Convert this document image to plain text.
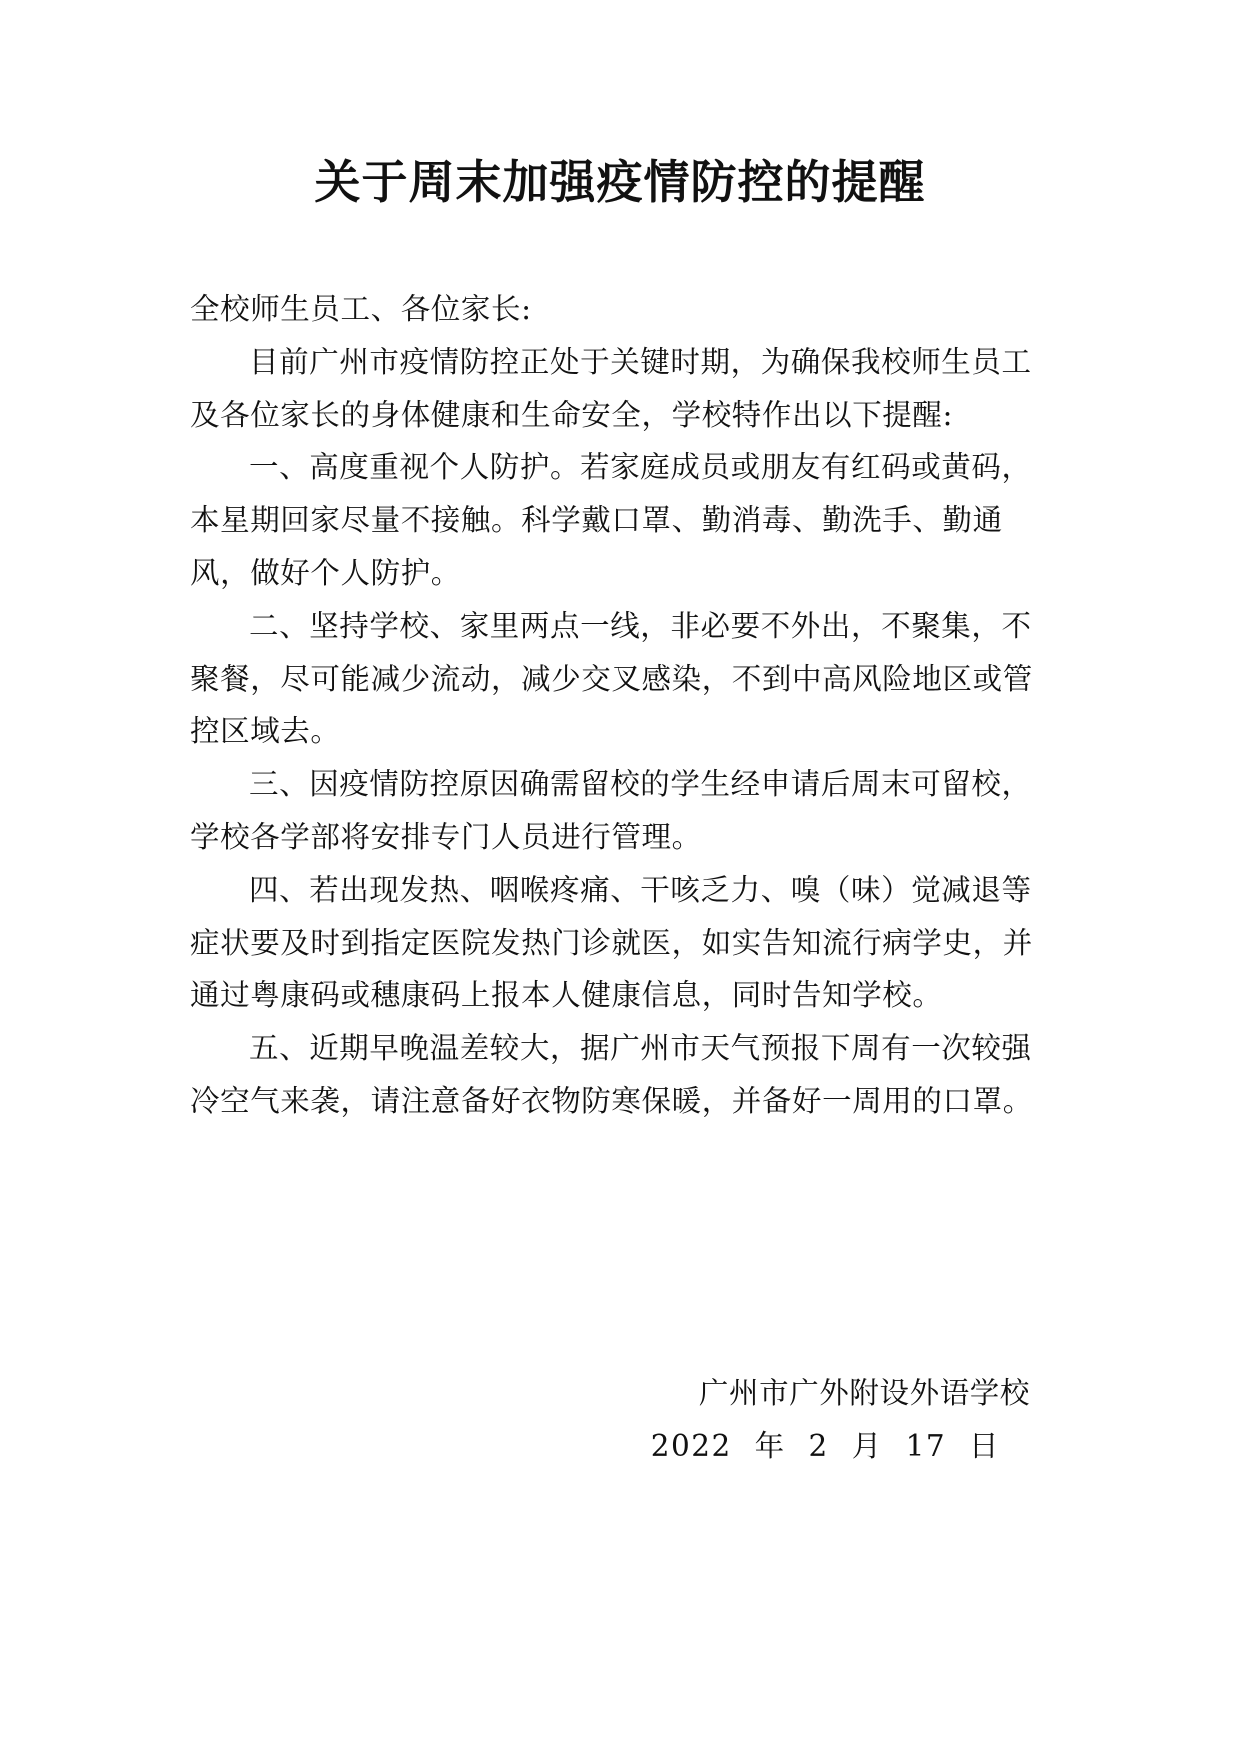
关于周末加强疫情防控的提醒

全校师生员工、各位家长:

目前广州市疫情防控正处于关键时期，为确保我校师生员工及各位家长的身体健康和生命安全，学校特作出以下提醒:

一、高度重视个人防护。若家庭成员或朋友有红码或黄码，本星期回家尽量不接触。科学戴口罩、勤消毒、勤洗手、勤通风，做好个人防护。

二、坚持学校、家里两点一线，非必要不外出，不聚集，不聚餐，尽可能减少流动，减少交叉感染，不到中高风险地区或管控区域去。

三、因疫情防控原因确需留校的学生经申请后周末可留校，学校各学部将安排专门人员进行管理。

四、若出现发热、咽喉疼痛、干咳乏力、嗅（味）觉减退等症状要及时到指定医院发热门诊就医，如实告知流行病学史，并通过粤康码或穗康码上报本人健康信息，同时告知学校。

五、近期早晚温差较大，据广州市天气预报下周有一次较强冷空气来袭，请注意备好衣物防寒保暖，并备好一周用的口罩。

广州市广外附设外语学校
2022 年 2 月 17 日
